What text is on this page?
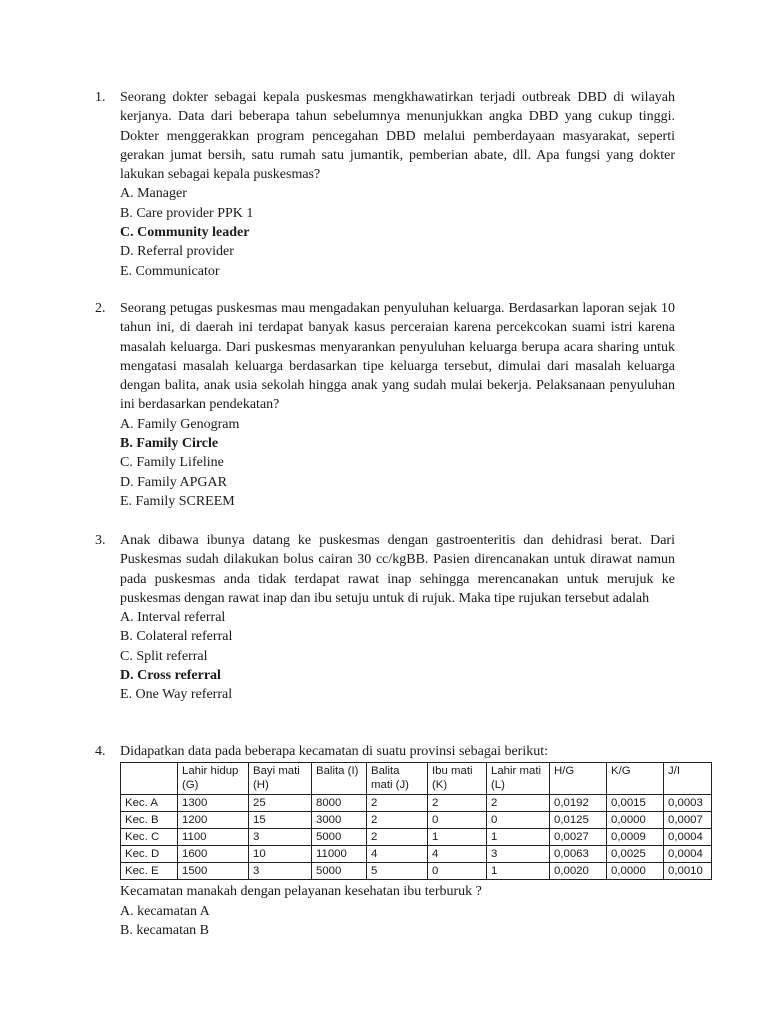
1. Seorang dokter sebagai kepala puskesmas mengkhawatirkan terjadi outbreak DBD di wilayah kerjanya. Data dari beberapa tahun sebelumnya menunjukkan angka DBD yang cukup tinggi. Dokter menggerakkan program pencegahan DBD melalui pemberdayaan masyarakat, seperti gerakan jumat bersih, satu rumah satu jumantik, pemberian abate, dll. Apa fungsi yang dokter lakukan sebagai kepala puskesmas?
A. Manager
B. Care provider PPK 1
C. Community leader
D. Referral provider
E. Communicator
2. Seorang petugas puskesmas mau mengadakan penyuluhan keluarga. Berdasarkan laporan sejak 10 tahun ini, di daerah ini terdapat banyak kasus perceraian karena percekcokan suami istri karena masalah keluarga. Dari puskesmas menyarankan penyuluhan keluarga berupa acara sharing untuk mengatasi masalah keluarga berdasarkan tipe keluarga tersebut, dimulai dari masalah keluarga dengan balita, anak usia sekolah hingga anak yang sudah mulai bekerja. Pelaksanaan penyuluhan ini berdasarkan pendekatan?
A. Family Genogram
B. Family Circle
C. Family Lifeline
D. Family APGAR
E. Family SCREEM
3. Anak dibawa ibunya datang ke puskesmas dengan gastroenteritis dan dehidrasi berat. Dari Puskesmas sudah dilakukan bolus cairan 30 cc/kgBB. Pasien direncanakan untuk dirawat namun pada puskesmas anda tidak terdapat rawat inap sehingga merencanakan untuk merujuk ke puskesmas dengan rawat inap dan ibu setuju untuk di rujuk. Maka tipe rujukan tersebut adalah
A. Interval referral
B. Colateral referral
C. Split referral
D. Cross referral
E. One Way referral
4. Didapatkan data pada beberapa kecamatan di suatu provinsi sebagai berikut:
	Lahir hidup (G)	Bayi mati (H)	Balita (I)	Balita mati (J)	Ibu mati (K)	Lahir mati (L)	H/G	K/G	J/I
Kec. A	1300	25	8000	2	2	2	0,0192	0,0015	0,0003
Kec. B	1200	15	3000	2	0	0	0,0125	0,0000	0,0007
Kec. C	1100	3	5000	2	1	1	0,0027	0,0009	0,0004
Kec. D	1600	10	11000	4	4	3	0,0063	0,0025	0,0004
Kec. E	1500	3	5000	5	0	1	0,0020	0,0000	0,0010
Kecamatan manakah dengan pelayanan kesehatan ibu terburuk ?
A. kecamatan A
B. kecamatan B
